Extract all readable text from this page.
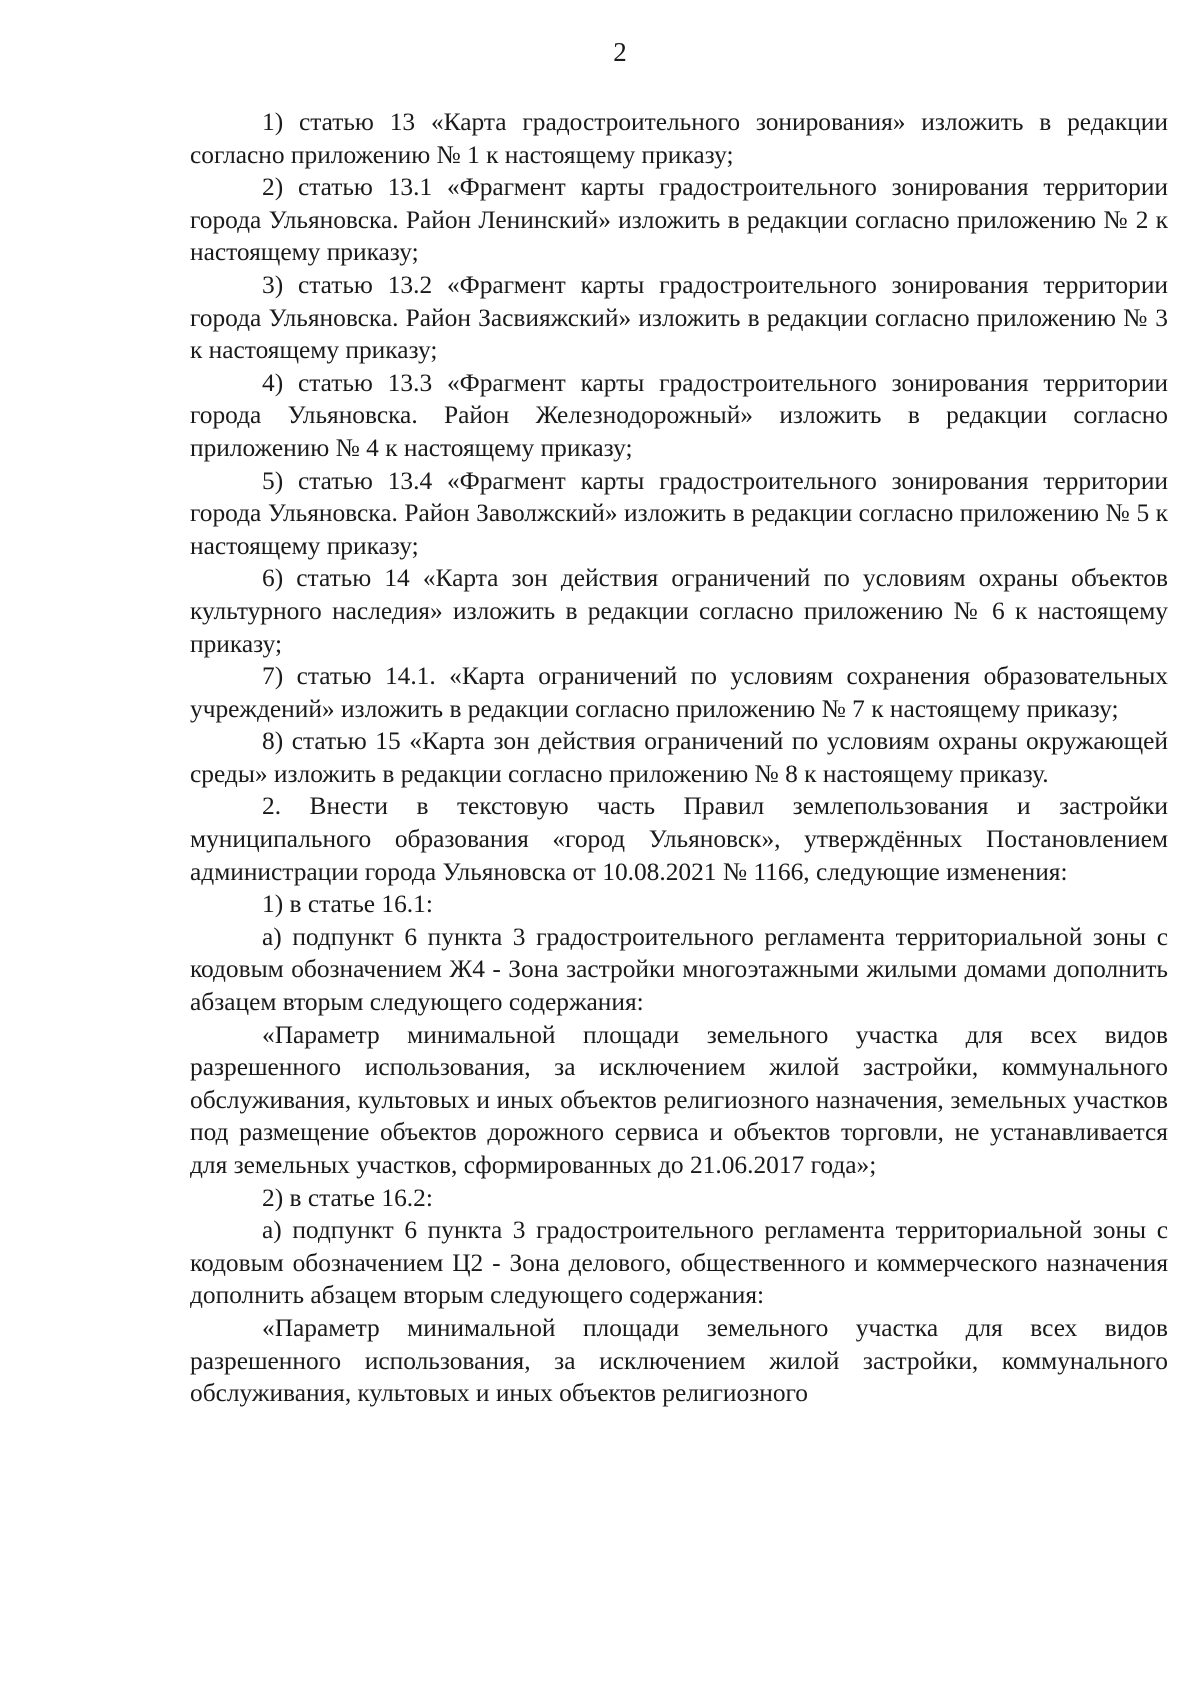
2

1) статью 13 «Карта градостроительного зонирования» изложить в редакции согласно приложению № 1 к настоящему приказу;

2) статью 13.1 «Фрагмент карты градостроительного зонирования территории города Ульяновска. Район Ленинский» изложить в редакции согласно приложению № 2 к настоящему приказу;

3) статью 13.2 «Фрагмент карты градостроительного зонирования территории города Ульяновска. Район Засвияжский» изложить в редакции согласно приложению № 3 к настоящему приказу;

4) статью 13.3 «Фрагмент карты градостроительного зонирования территории города Ульяновска. Район Железнодорожный» изложить в редакции согласно приложению № 4 к настоящему приказу;

5) статью 13.4 «Фрагмент карты градостроительного зонирования территории города Ульяновска. Район Заволжский» изложить в редакции согласно приложению № 5 к настоящему приказу;

6) статью 14 «Карта зон действия ограничений по условиям охраны объектов культурного наследия» изложить в редакции согласно приложению № 6 к настоящему приказу;

7) статью 14.1. «Карта ограничений по условиям сохранения образовательных учреждений» изложить в редакции согласно приложению № 7 к настоящему приказу;

8) статью 15 «Карта зон действия ограничений по условиям охраны окружающей среды» изложить в редакции согласно приложению № 8 к настоящему приказу.

2. Внести в текстовую часть Правил землепользования и застройки муниципального образования «город Ульяновск», утверждённых Постановлением администрации города Ульяновска от 10.08.2021 № 1166, следующие изменения:

1) в статье 16.1:

а) подпункт 6 пункта 3 градостроительного регламента территориальной зоны с кодовым обозначением Ж4 - Зона застройки многоэтажными жилыми домами дополнить абзацем вторым следующего содержания:

«Параметр минимальной площади земельного участка для всех видов разрешенного использования, за исключением жилой застройки, коммунального обслуживания, культовых и иных объектов религиозного назначения, земельных участков под размещение объектов дорожного сервиса и объектов торговли, не устанавливается для земельных участков, сформированных до 21.06.2017 года»;

2) в статье 16.2:

а) подпункт 6 пункта 3 градостроительного регламента территориальной зоны с кодовым обозначением Ц2 - Зона делового, общественного и коммерческого назначения дополнить абзацем вторым следующего содержания:

«Параметр минимальной площади земельного участка для всех видов разрешенного использования, за исключением жилой застройки, коммунального обслуживания, культовых и иных объектов религиозного
